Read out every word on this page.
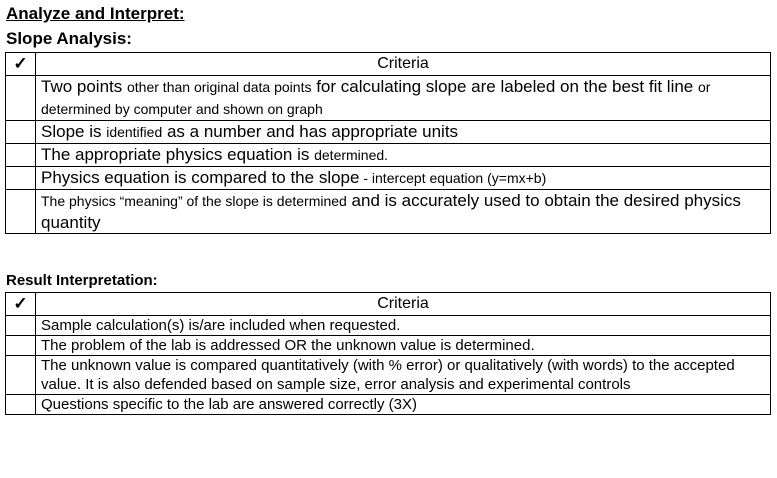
Analyze and Interpret:
Slope Analysis:
✓	Criteria
	Two points other than original data points for calculating slope are labeled on the best fit line or determined by computer and shown on graph
	Slope is identified as a number and has appropriate units
	The appropriate physics equation is determined.
	Physics equation is compared to the slope - intercept equation (y=mx+b)
	The physics “meaning” of the slope is determined and is accurately used to obtain the desired physics quantity
Result Interpretation:
✓	Criteria
	Sample calculation(s) is/are included when requested.
	The problem of the lab is addressed OR the unknown value is determined.
	The unknown value is compared quantitatively (with % error) or qualitatively (with words) to the accepted value. It is also defended based on sample size, error analysis and experimental controls
	Questions specific to the lab are answered correctly (3X)
